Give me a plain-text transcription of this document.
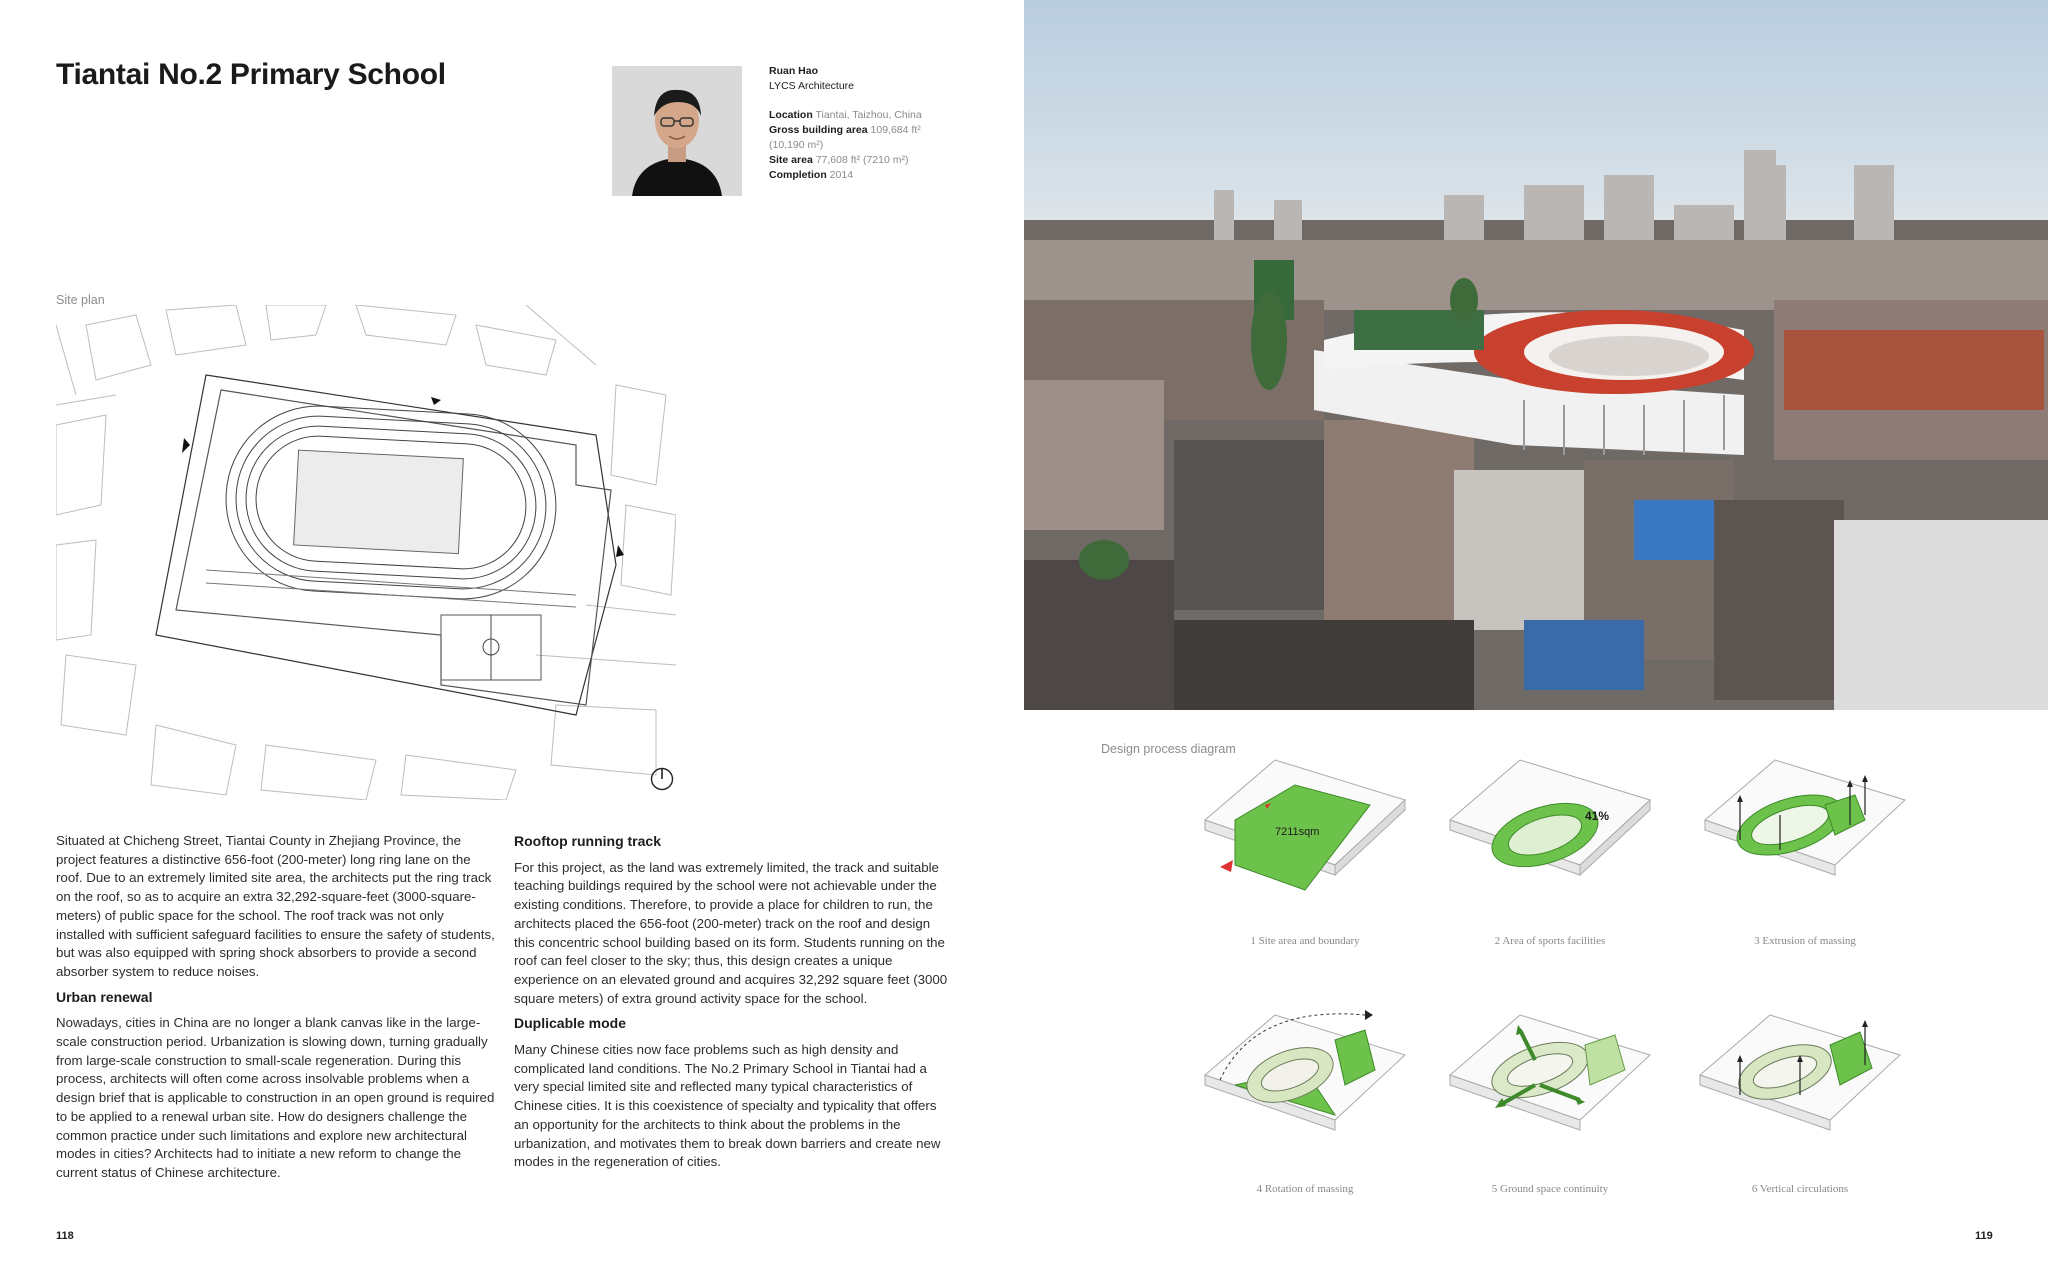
Tiantai No.2 Primary School	Ruan Hao
LYCS Architecture
Location Tiantai, Taizhou, China
Gross building area 109,684 ft²
(10,190 m²)
Site area 77,608 ft² (7210 m²)
Completion 2014
Site plan

Situated at Chicheng Street, Tiantai County in Zhejiang Province, the project features a distinctive 656-foot (200-meter) long ring lane on the roof. Due to an extremely limited site area, the architects put the ring track on the roof, so as to acquire an extra 32,292-square-feet (3000-square-meters) of public space for the school. The roof track was not only installed with sufficient safeguard facilities to ensure the safety of students, but was also equipped with spring shock absorbers to provide a second absorber system to reduce noises.

Urban renewal

Nowadays, cities in China are no longer a blank canvas like in the large-scale construction period. Urbanization is slowing down, turning gradually from large-scale construction to small-scale regeneration. During this process, architects will often come across insolvable problems when a design brief that is applicable to construction in an open ground is required to be applied to a renewal urban site. How do designers challenge the common practice under such limitations and explore new architectural modes in cities? Architects had to initiate a new reform to change the current status of Chinese architecture.

Rooftop running track

For this project, as the land was extremely limited, the track and suitable teaching buildings required by the school were not achievable under the existing conditions. Therefore, to provide a place for children to run, the architects placed the 656-foot (200-meter) track on the roof and design this concentric school building based on its form. Students running on the roof can feel closer to the sky; thus, this design creates a unique experience on an elevated ground and acquires 32,292 square feet (3000 square meters) of extra ground activity space for the school.

Duplicable mode

Many Chinese cities now face problems such as high density and complicated land conditions. The No.2 Primary School in Tiantai had a very special limited site and reflected many typical characteristics of Chinese cities. It is this coexistence of specialty and typicality that offers an opportunity for the architects to think about the problems in the urbanization, and motivates them to break down barriers and create new modes in the regeneration of cities.

118
Design process diagram
7211sqm
1 Site area and boundary
41%
2 Area of sports facilities	3 Extrusion of massing
4 Rotation of massing	5 Ground space continuity	6 Vertical circulations
119
